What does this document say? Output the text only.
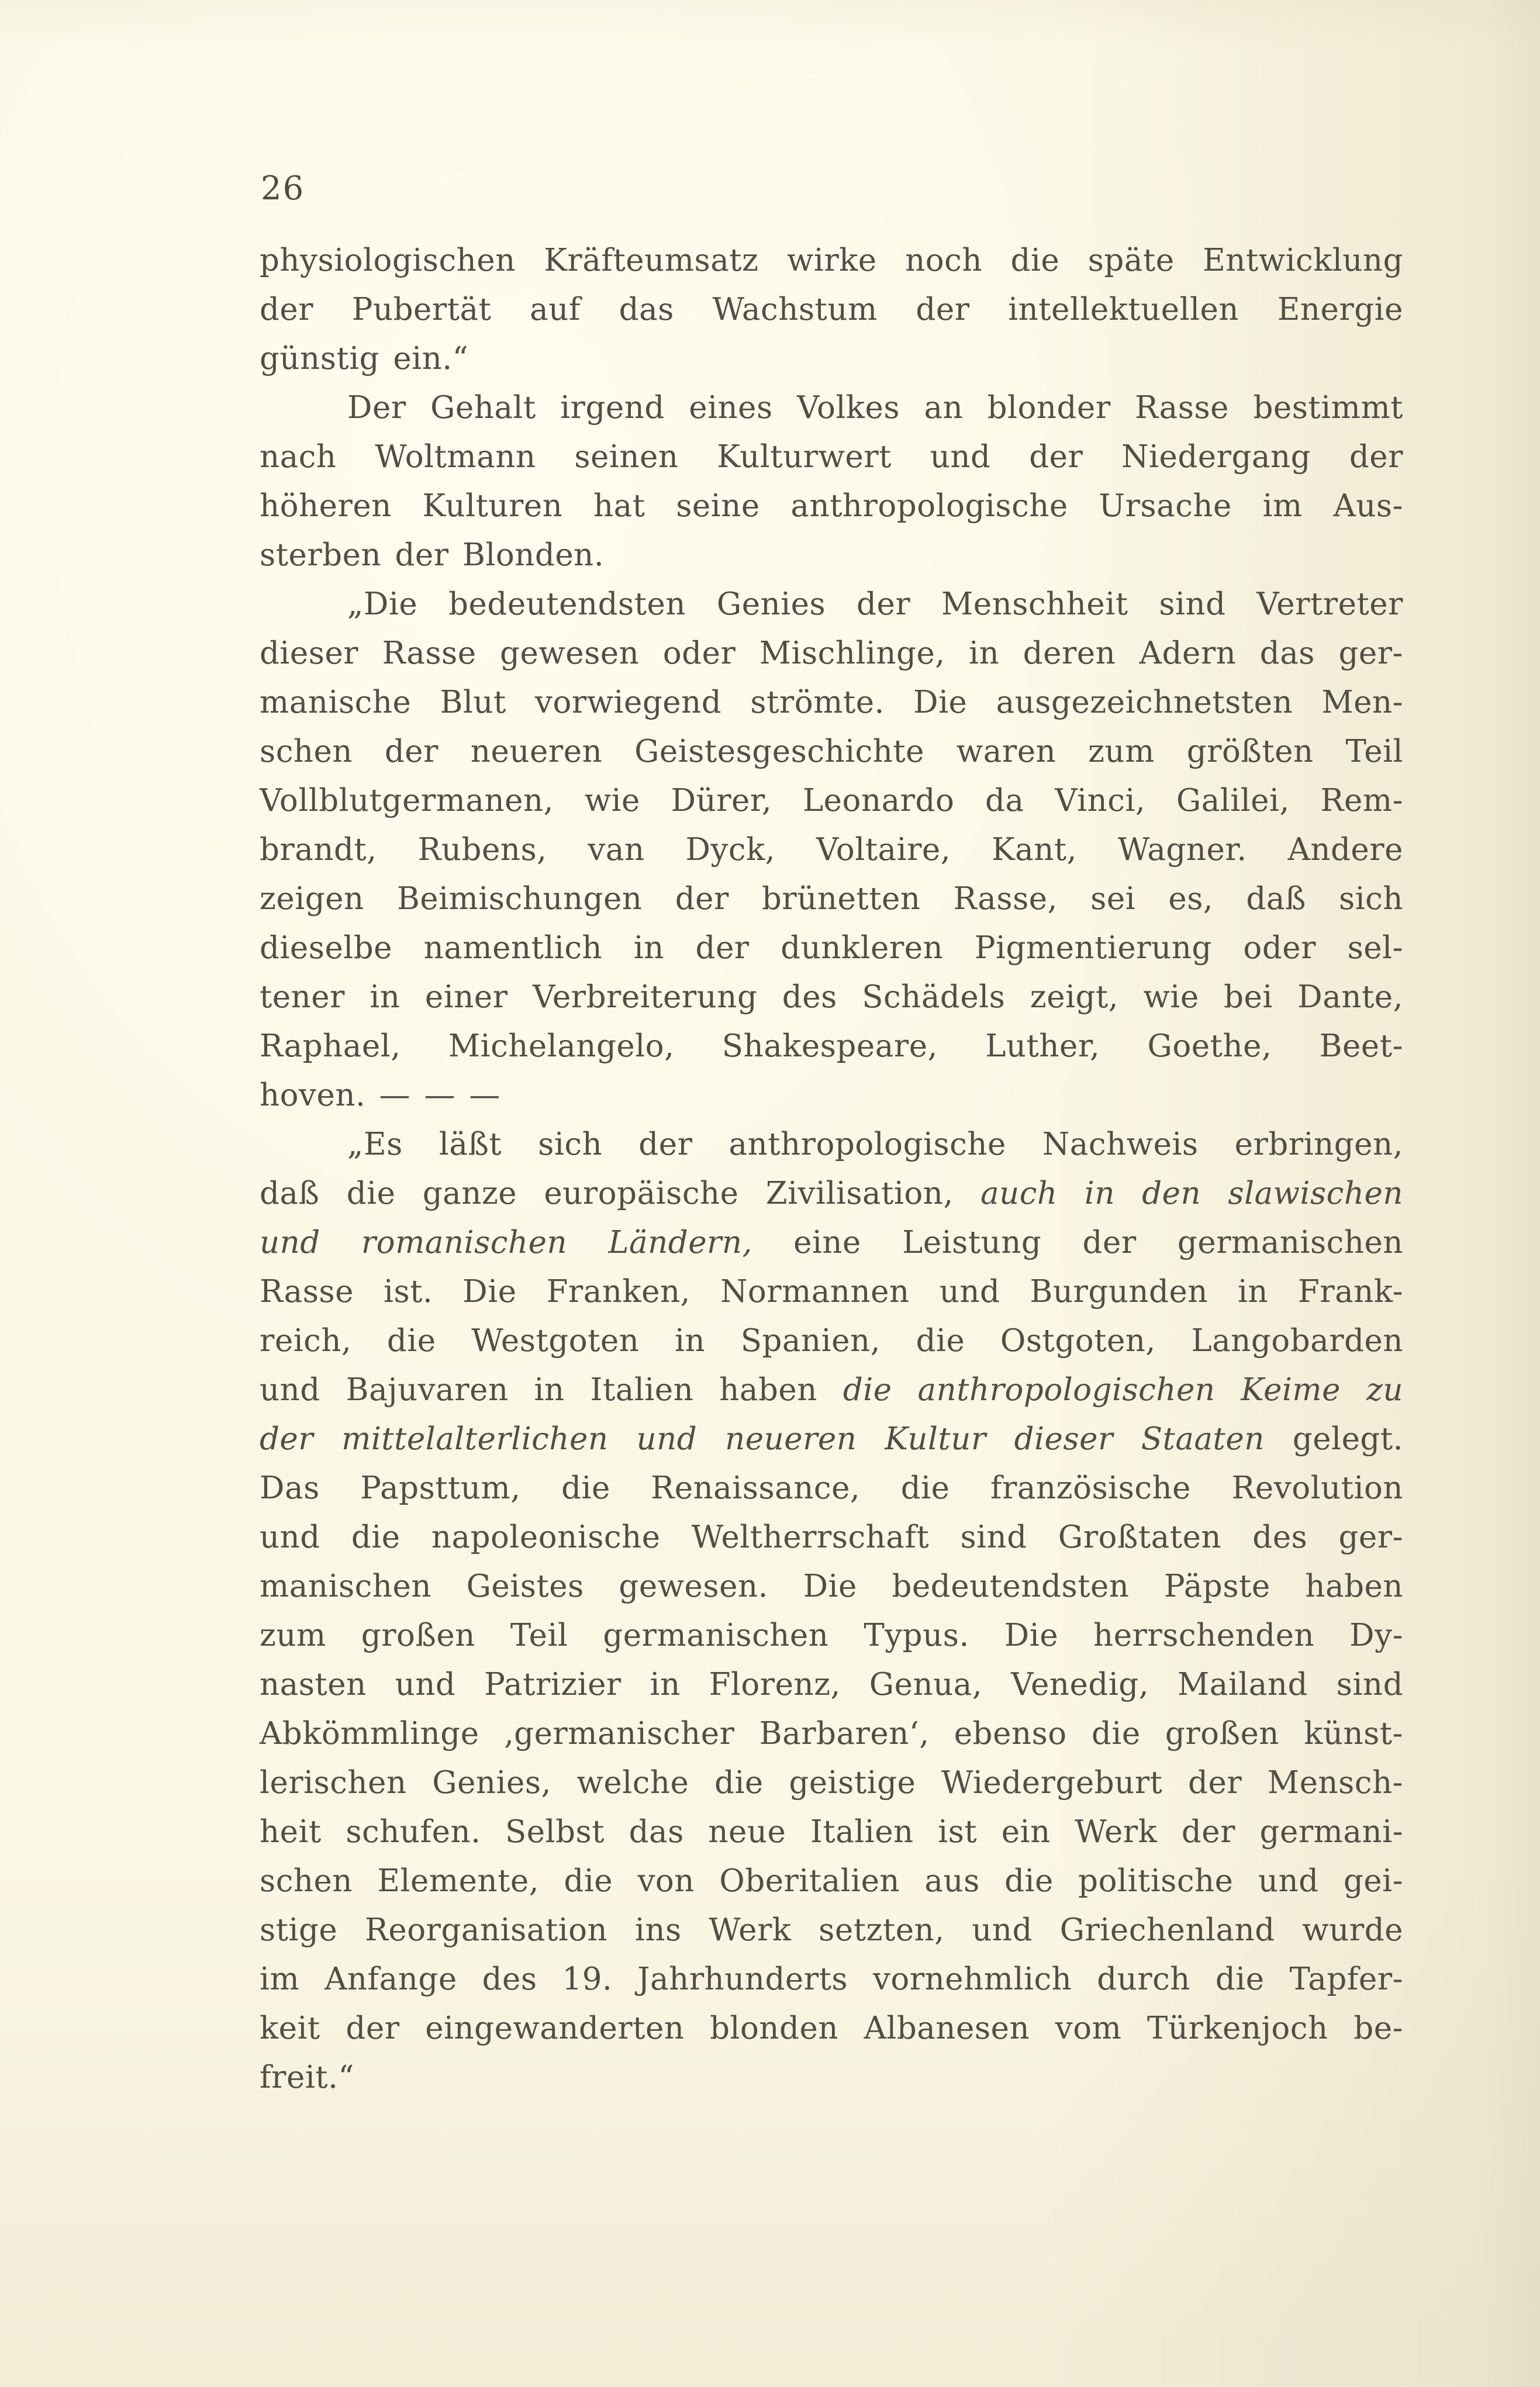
26
physiologischen Kräfteumsatz wirke noch die späte Entwicklung
der Pubertät auf das Wachstum der intellektuellen Energie
günstig ein.“
Der Gehalt irgend eines Volkes an blonder Rasse bestimmt
nach Woltmann seinen Kulturwert und der Niedergang der
höheren Kulturen hat seine anthropologische Ursache im Aus-
sterben der Blonden.
„Die bedeutendsten Genies der Menschheit sind Vertreter
dieser Rasse gewesen oder Mischlinge, in deren Adern das ger-
manische Blut vorwiegend strömte. Die ausgezeichnetsten Men-
schen der neueren Geistesgeschichte waren zum größten Teil
Vollblutgermanen, wie Dürer, Leonardo da Vinci, Galilei, Rem-
brandt, Rubens, van Dyck, Voltaire, Kant, Wagner. Andere
zeigen Beimischungen der brünetten Rasse, sei es, daß sich
dieselbe namentlich in der dunkleren Pigmentierung oder sel-
tener in einer Verbreiterung des Schädels zeigt, wie bei Dante,
Raphael, Michelangelo, Shakespeare, Luther, Goethe, Beet-
hoven. — — —
„Es läßt sich der anthropologische Nachweis erbringen,
daß die ganze europäische Zivilisation, auch in den slawischen
und romanischen Ländern, eine Leistung der germanischen
Rasse ist. Die Franken, Normannen und Burgunden in Frank-
reich, die Westgoten in Spanien, die Ostgoten, Langobarden
und Bajuvaren in Italien haben die anthropologischen Keime zu
der mittelalterlichen und neueren Kultur dieser Staaten gelegt.
Das Papsttum, die Renaissance, die französische Revolution
und die napoleonische Weltherrschaft sind Großtaten des ger-
manischen Geistes gewesen. Die bedeutendsten Päpste haben
zum großen Teil germanischen Typus. Die herrschenden Dy-
nasten und Patrizier in Florenz, Genua, Venedig, Mailand sind
Abkömmlinge ‚germanischer Barbaren‘, ebenso die großen künst-
lerischen Genies, welche die geistige Wiedergeburt der Mensch-
heit schufen. Selbst das neue Italien ist ein Werk der germani-
schen Elemente, die von Oberitalien aus die politische und gei-
stige Reorganisation ins Werk setzten, und Griechenland wurde
im Anfange des 19. Jahrhunderts vornehmlich durch die Tapfer-
keit der eingewanderten blonden Albanesen vom Türkenjoch be-
freit.“
